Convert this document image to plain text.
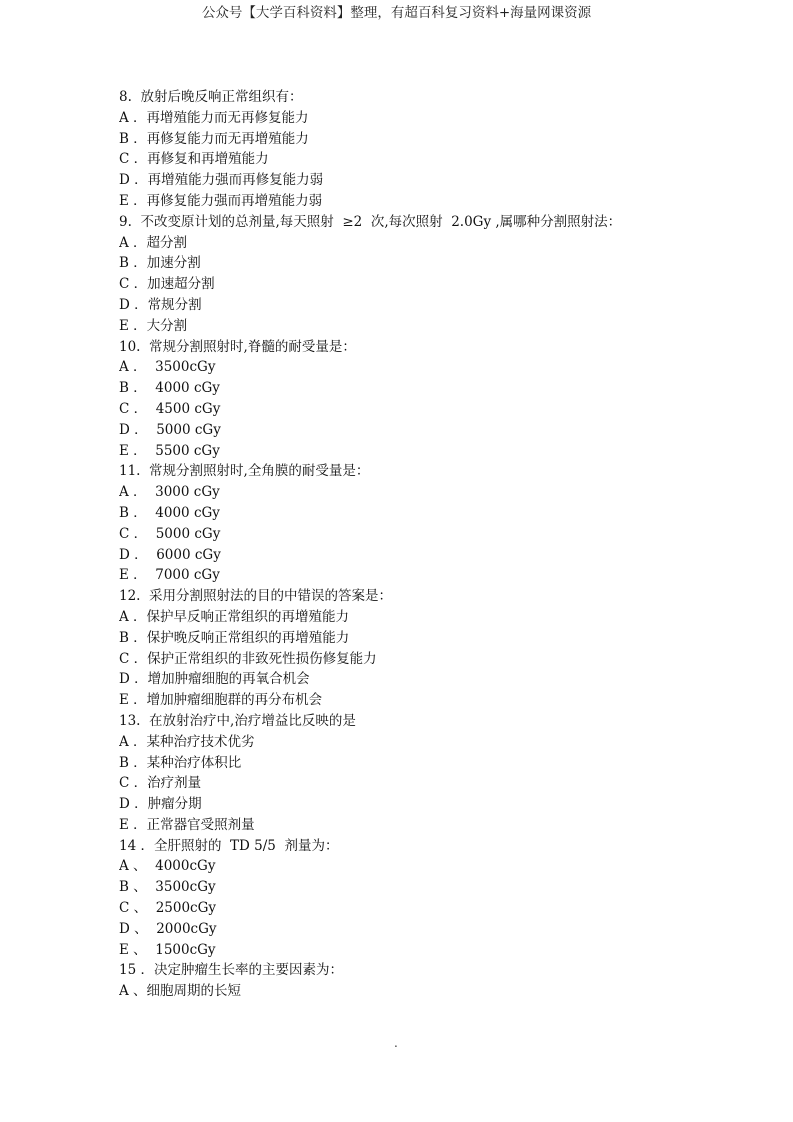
公众号【大学百科资料】整理，有超百科复习资料+海量网课资源
8.  放射后晚反响正常组织有：
A ．再增殖能力而无再修复能力
B ．再修复能力而无再增殖能力
C ．再修复和再增殖能力
D ．再增殖能力强而再修复能力弱
E ．再修复能力强而再增殖能力弱
9.  不改变原计划的总剂量,每天照射  ≥2  次,每次照射  2.0Gy ,属哪种分割照射法：
A ．超分割
B ．加速分割
C ．加速超分割
D ．常规分割
E ．大分割
10.  常规分割照射时,脊髓的耐受量是：
A ．  3500cGy
B ．  4000 cGy
C ．  4500 cGy
D ．  5000 cGy
E ．  5500 cGy
11.  常规分割照射时,全角膜的耐受量是：
A ．  3000 cGy
B ．  4000 cGy
C ．  5000 cGy
D ．  6000 cGy
E ．  7000 cGy
12.  采用分割照射法的目的中错误的答案是：
A ．保护早反响正常组织的再增殖能力
B ．保护晚反响正常组织的再增殖能力
C ．保护正常组织的非致死性损伤修复能力
D ．增加肿瘤细胞的再氧合机会
E ．增加肿瘤细胞群的再分布机会
13.  在放射治疗中,治疗增益比反映的是
A ．某种治疗技术优劣
B ．某种治疗体积比
C ．治疗剂量
D ．肿瘤分期
E ．正常器官受照剂量
14 ．全肝照射的  TD 5/5  剂量为：
A 、  4000cGy
B 、  3500cGy
C 、  2500cGy
D 、  2000cGy
E 、  1500cGy
15 ．决定肿瘤生长率的主要因素为：
A 、细胞周期的长短
.
